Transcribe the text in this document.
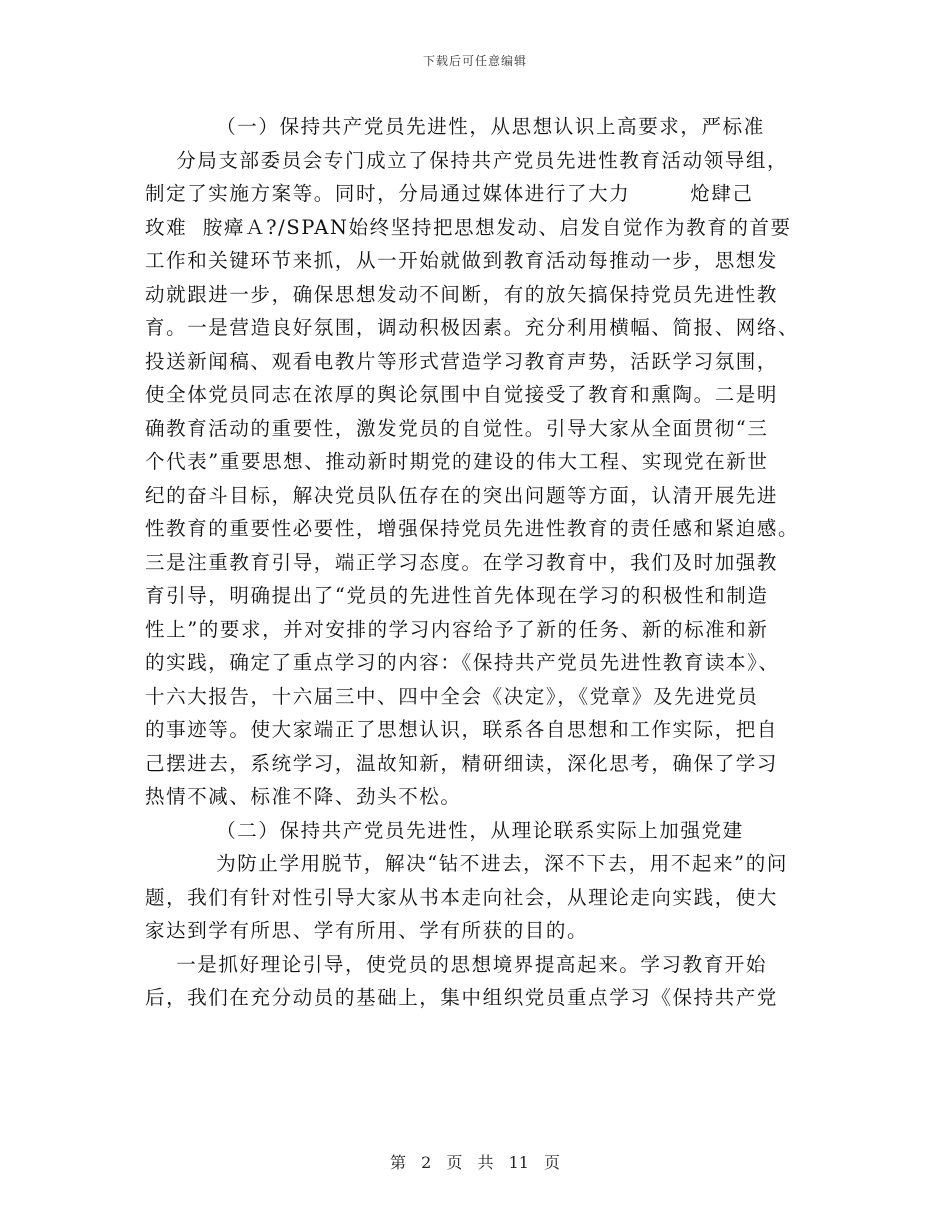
下载后可任意编辑
（一）保持共产党员先进性，从思想认识上高要求，严标准
分局支部委员会专门成立了保持共产党员先进性教育活动领导组，
制定了实施方案等。同时，分局通过媒体进行了大力	炝肆己
玫难  胺瘴Ａ?/SPAN始终坚持把思想发动、启发自觉作为教育的首要
工作和关键环节来抓，从一开始就做到教育活动每推动一步，思想发
动就跟进一步，确保思想发动不间断，有的放矢搞保持党员先进性教
育。一是营造良好氛围，调动积极因素。充分利用横幅、简报、网络、
投送新闻稿、观看电教片等形式营造学习教育声势，活跃学习氛围，
使全体党员同志在浓厚的舆论氛围中自觉接受了教育和熏陶。二是明
确教育活动的重要性，激发党员的自觉性。引导大家从全面贯彻“三
个代表”重要思想、推动新时期党的建设的伟大工程、实现党在新世
纪的奋斗目标，解决党员队伍存在的突出问题等方面，认清开展先进
性教育的重要性必要性，增强保持党员先进性教育的责任感和紧迫感。
三是注重教育引导，端正学习态度。在学习教育中，我们及时加强教
育引导，明确提出了“党员的先进性首先体现在学习的积极性和制造
性上”的要求，并对安排的学习内容给予了新的任务、新的标准和新
的实践，确定了重点学习的内容：《保持共产党员先进性教育读本》、
十六大报告，十六届三中、四中全会《决定》，《党章》及先进党员
的事迹等。使大家端正了思想认识，联系各自思想和工作实际，把自
己摆进去，系统学习，温故知新，精研细读，深化思考，确保了学习
热情不减、标准不降、劲头不松。
（二）保持共产党员先进性，从理论联系实际上加强党建
为防止学用脱节，解决“钻不进去，深不下去，用不起来”的问
题，我们有针对性引导大家从书本走向社会，从理论走向实践，使大
家达到学有所思、学有所用、学有所获的目的。
一是抓好理论引导，使党员的思想境界提高起来。学习教育开始
后，我们在充分动员的基础上，集中组织党员重点学习《保持共产党
第 2 页 共 11 页
